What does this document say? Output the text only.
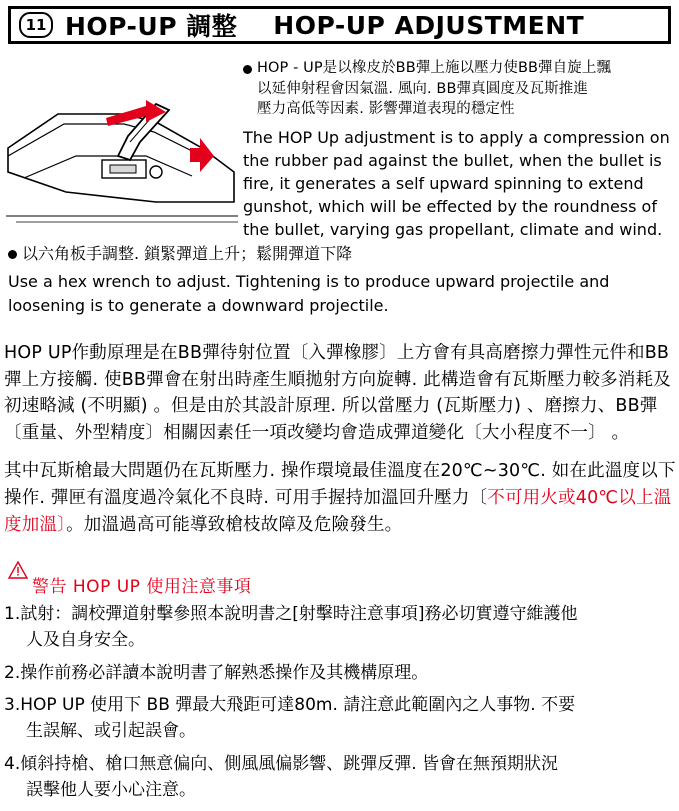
11 HOP-UP 調整 HOP-UP ADJUSTMENT
HOP - UP是以橡皮於BB彈上施以壓力使BB彈自旋上飄
以延伸射程會因氣溫. 風向. BB彈真圓度及瓦斯推進
壓力高低等因素. 影響彈道表現的穩定性
The HOP Up adjustment is to apply a compression on the rubber pad against the bullet, when the bullet is fire, it generates a self upward spinning to extend gunshot, which will be effected by the roundness of the bullet, varying gas propellant, climate and wind.
以六角板手調整. 鎖緊彈道上升；鬆開彈道下降
Use a hex wrench to adjust. Tightening is to produce upward projectile and loosening is to generate a downward projectile.

HOP UP作動原理是在BB彈待射位置〔入彈橡膠〕上方會有具高磨擦力彈性元件和BB彈上方接觸. 使BB彈會在射出時產生順拋射方向旋轉. 此構造會有瓦斯壓力較多消耗及初速略減 (不明顯) 。但是由於其設計原理. 所以當壓力 (瓦斯壓力) 、磨擦力、BB彈〔重量、外型精度〕相關因素任一項改變均會造成彈道變化〔大小程度不一〕 。

其中瓦斯槍最大問題仍在瓦斯壓力. 操作環境最佳溫度在20℃~30℃. 如在此溫度以下操作. 彈匣有溫度過冷氣化不良時. 可用手握持加溫回升壓力〔不可用火或40℃以上溫度加溫〕。加溫過高可能導致槍枝故障及危險發生。

警告 HOP UP 使用注意事項
1.試射：調校彈道射擊參照本說明書之[射擊時注意事項]務必切實遵守維護他
人及自身安全。
2.操作前務必詳讀本說明書了解熟悉操作及其機構原理。
3.HOP UP 使用下 BB 彈最大飛距可達80m. 請注意此範圍內之人事物. 不要
生誤解、或引起誤會。
4.傾斜持槍、槍口無意偏向、側風風偏影響、跳彈反彈. 皆會在無預期狀況
誤擊他人要小心注意。
